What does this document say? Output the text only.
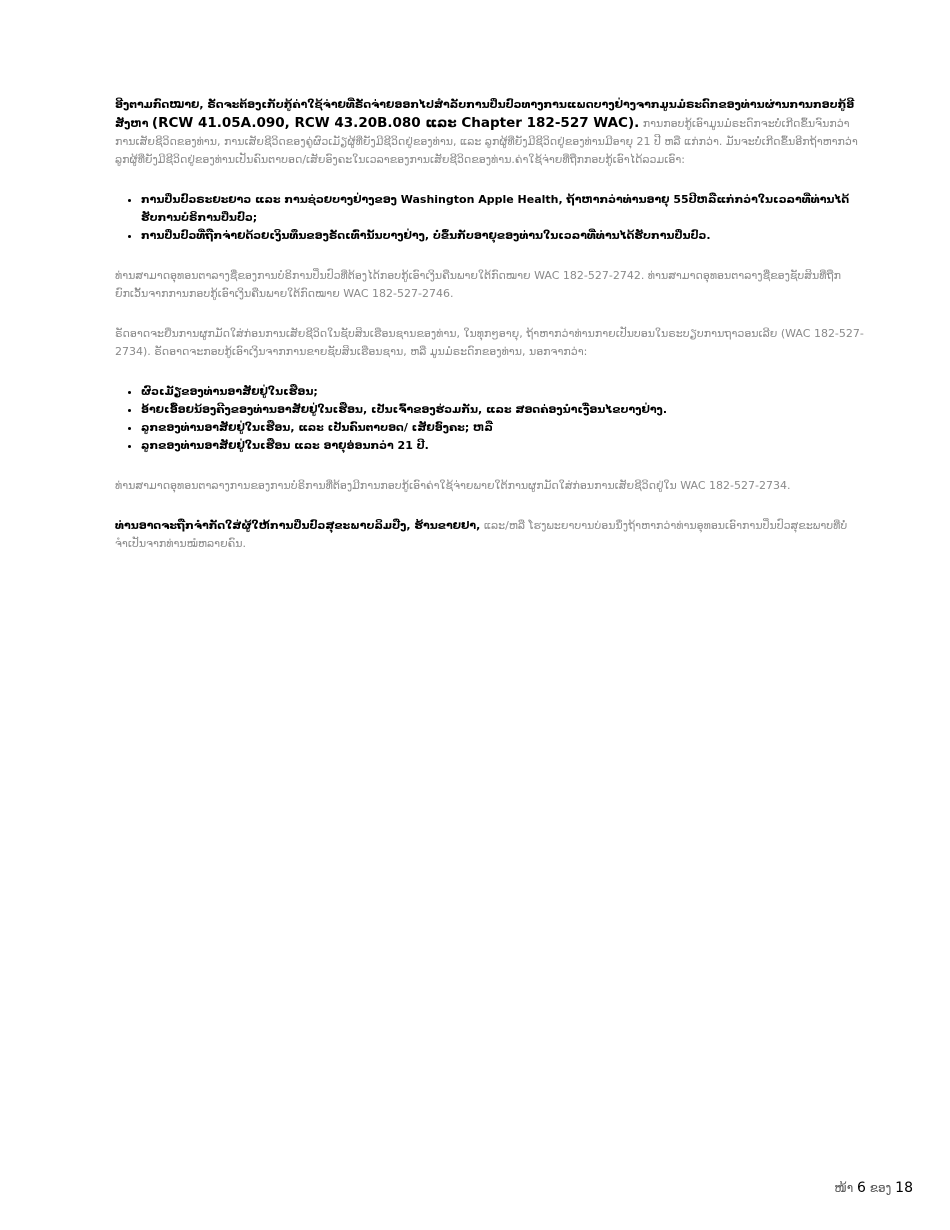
ອີງຕາມກົດໝາຍ, ຣັດຈະຕ້ອງເກັບກູ້ຄ່າໃຊ້ຈ່າຍທີ່ຣັດຈ່າຍອອກໄປສຳລັບການປິ່ນປົວທາງການແພດບາງຢ່າງຈາກມູນມໍຣະດົກຂອງທ່ານຜ່ານການກອບກູ້ອີສັງຫາ (RCW 41.05A.090, RCW 43.20B.080 ແລະ Chapter 182-527 WAC). ການກອບກູ້ເອົາມູນມໍຣະດົກຈະບໍ່ເກີດຂຶ້ນຈົນກວ່າການເສັຍຊີວິດຂອງທ່ານ, ການເສັຍຊີວິດຂອງຄູ່ຜົວເມັຽຜູ້ທີ່ຍັງມີຊີວິດຢູ່ຂອງທ່ານ, ແລະ ລູກຜູ້ທີ່ຍັງມີຊີວິດຢູ່ຂອງທ່ານມີອາຍຸ 21 ປີ ຫລື ແກ່ກວ່າ. ມັນຈະບໍ່ເກີດຂຶ້ນອີກຖ້າຫາກວ່າລູກຜູ້ທີ່ຍັງມີຊີວິດຢູ່ຂອງທ່ານເປັນຄົນຕາບອດ/ເສັຍອົງຄະໃນເວລາຂອງການເສັຍຊີວິດຂອງທ່ານ.ຄ່າໃຊ້ຈ່າຍທີ່ຖືກກອບກູ້ເອົາໄດ້ລວມເອົາ:

• ການປິ່ນປົວຣະຍະຍາວ ແລະ ການຊ່ວຍບາງຢ່າງຂອງ Washington Apple Health, ຖ້າຫາກວ່າທ່ານອາຍຸ 55ປີຫລືແກ່ກວ່າໃນເວລາທີ່ທ່ານໄດ້ຮັບການບໍຣິການປິ່ນປົວ;
• ການປິ່ນປົວທີ່ຖືກຈ່າຍດ້ວຍເງິນທຶນຂອງຣັດເທົ່ານັ້ນບາງຢ່າງ, ບໍ່ຂຶ້ນກັບອາຍຸຂອງທ່ານໃນເວລາທີ່ທ່ານໄດ້ຮັບການປິ່ນປົວ.

ທ່ານສາມາດອຸທອນຕາລາງຊື່ຂອງການບໍຣິການປິ່ນປົວທີ່ຕ້ອງໄດ້ກອບກູ້ເອົາເງິນຄືນພາຍໃຕ້ກົດໝາຍ WAC 182-527-2742. ທ່ານສາມາດອຸທອນຕາລາງຊື່ຂອງຊັບສິນທີ່ຖືກຍົກເວັ້ນຈາກການກອບກູ້ເອົາເງິນຄືນພາຍໃຕ້ກົດໝາຍ WAC 182-527-2746.

ຣັດອາດຈະຍື່ນການຜູກມັດໃສ່ກ່ອນການເສັຍຊີວິດໃນຊັບສິນເຮືອນຊານຂອງທ່ານ, ໃນທຸກໆອາຍຸ, ຖ້າຫາກວ່າທ່ານກາຍເປັນບອນໃນຣະບຽບການຖາວອນເລີຍ (WAC 182-527-2734). ຣັດອາດຈະກອບກູ້ເອົາເງິນຈາກການຂາຍຊັບສິນເຮືອນຊານ, ຫລື ມູນມໍຣະດົກຂອງທ່ານ, ນອກຈາກວ່າ:

• ຜົວເມັຽຂອງທ່ານອາສັຍຢູ່ໃນເຮືອນ;
• ອ້າຍເອື້ອຍນ້ອງຄີງຂອງທ່ານອາສັຍຢູ່ໃນເຮືອນ, ເປັນເຈົ້າຂອງຮ່ວມກັນ, ແລະ ສອດຄ່ອງນຳເງື່ອນໄຂບາງຢ່າງ.
• ລູກຂອງທ່ານອາສັຍຢູ່ໃນເຮືອນ, ແລະ ເປັນຄົນຕາບອດ/ ເສັຍອົງຄະ; ຫລື
• ລູກຂອງທ່ານອາສັຍຢູ່ໃນເຮືອນ ແລະ ອາຍຸອ່ອນກວ່າ 21 ປີ.

ທ່ານສາມາດອຸທອນຕາລາງການຂອງການບໍຣິການທີ່ຕ້ອງມີການກອບກູ້ເອົາຄ່າໃຊ້ຈ່າຍພາຍໃຕ້ການຜູກມັດໃສ່ກ່ອນການເສັຍຊີວິດຢູ່ໃນ WAC 182-527-2734.

ທ່ານອາດຈະຖືກຈຳກັດໃສ່ຜູ້ໃຫ້ການປິ່ນປົວສຸຂະພາບລິມປືງ, ຮ້ານຂາຍຢາ, ແລະ/ຫລື ໂຮງພະຍາບານບ່ອນນຶ່ງຖ້າຫາກວ່າທ່ານອຸທອນເອົາການປິ່ນປົວສຸຂະພາບທີ່ບໍ່ຈຳເປັນຈາກທ່ານໝໍຫລາຍຄົນ.

ໜ້າ 6 ຂອງ 18
